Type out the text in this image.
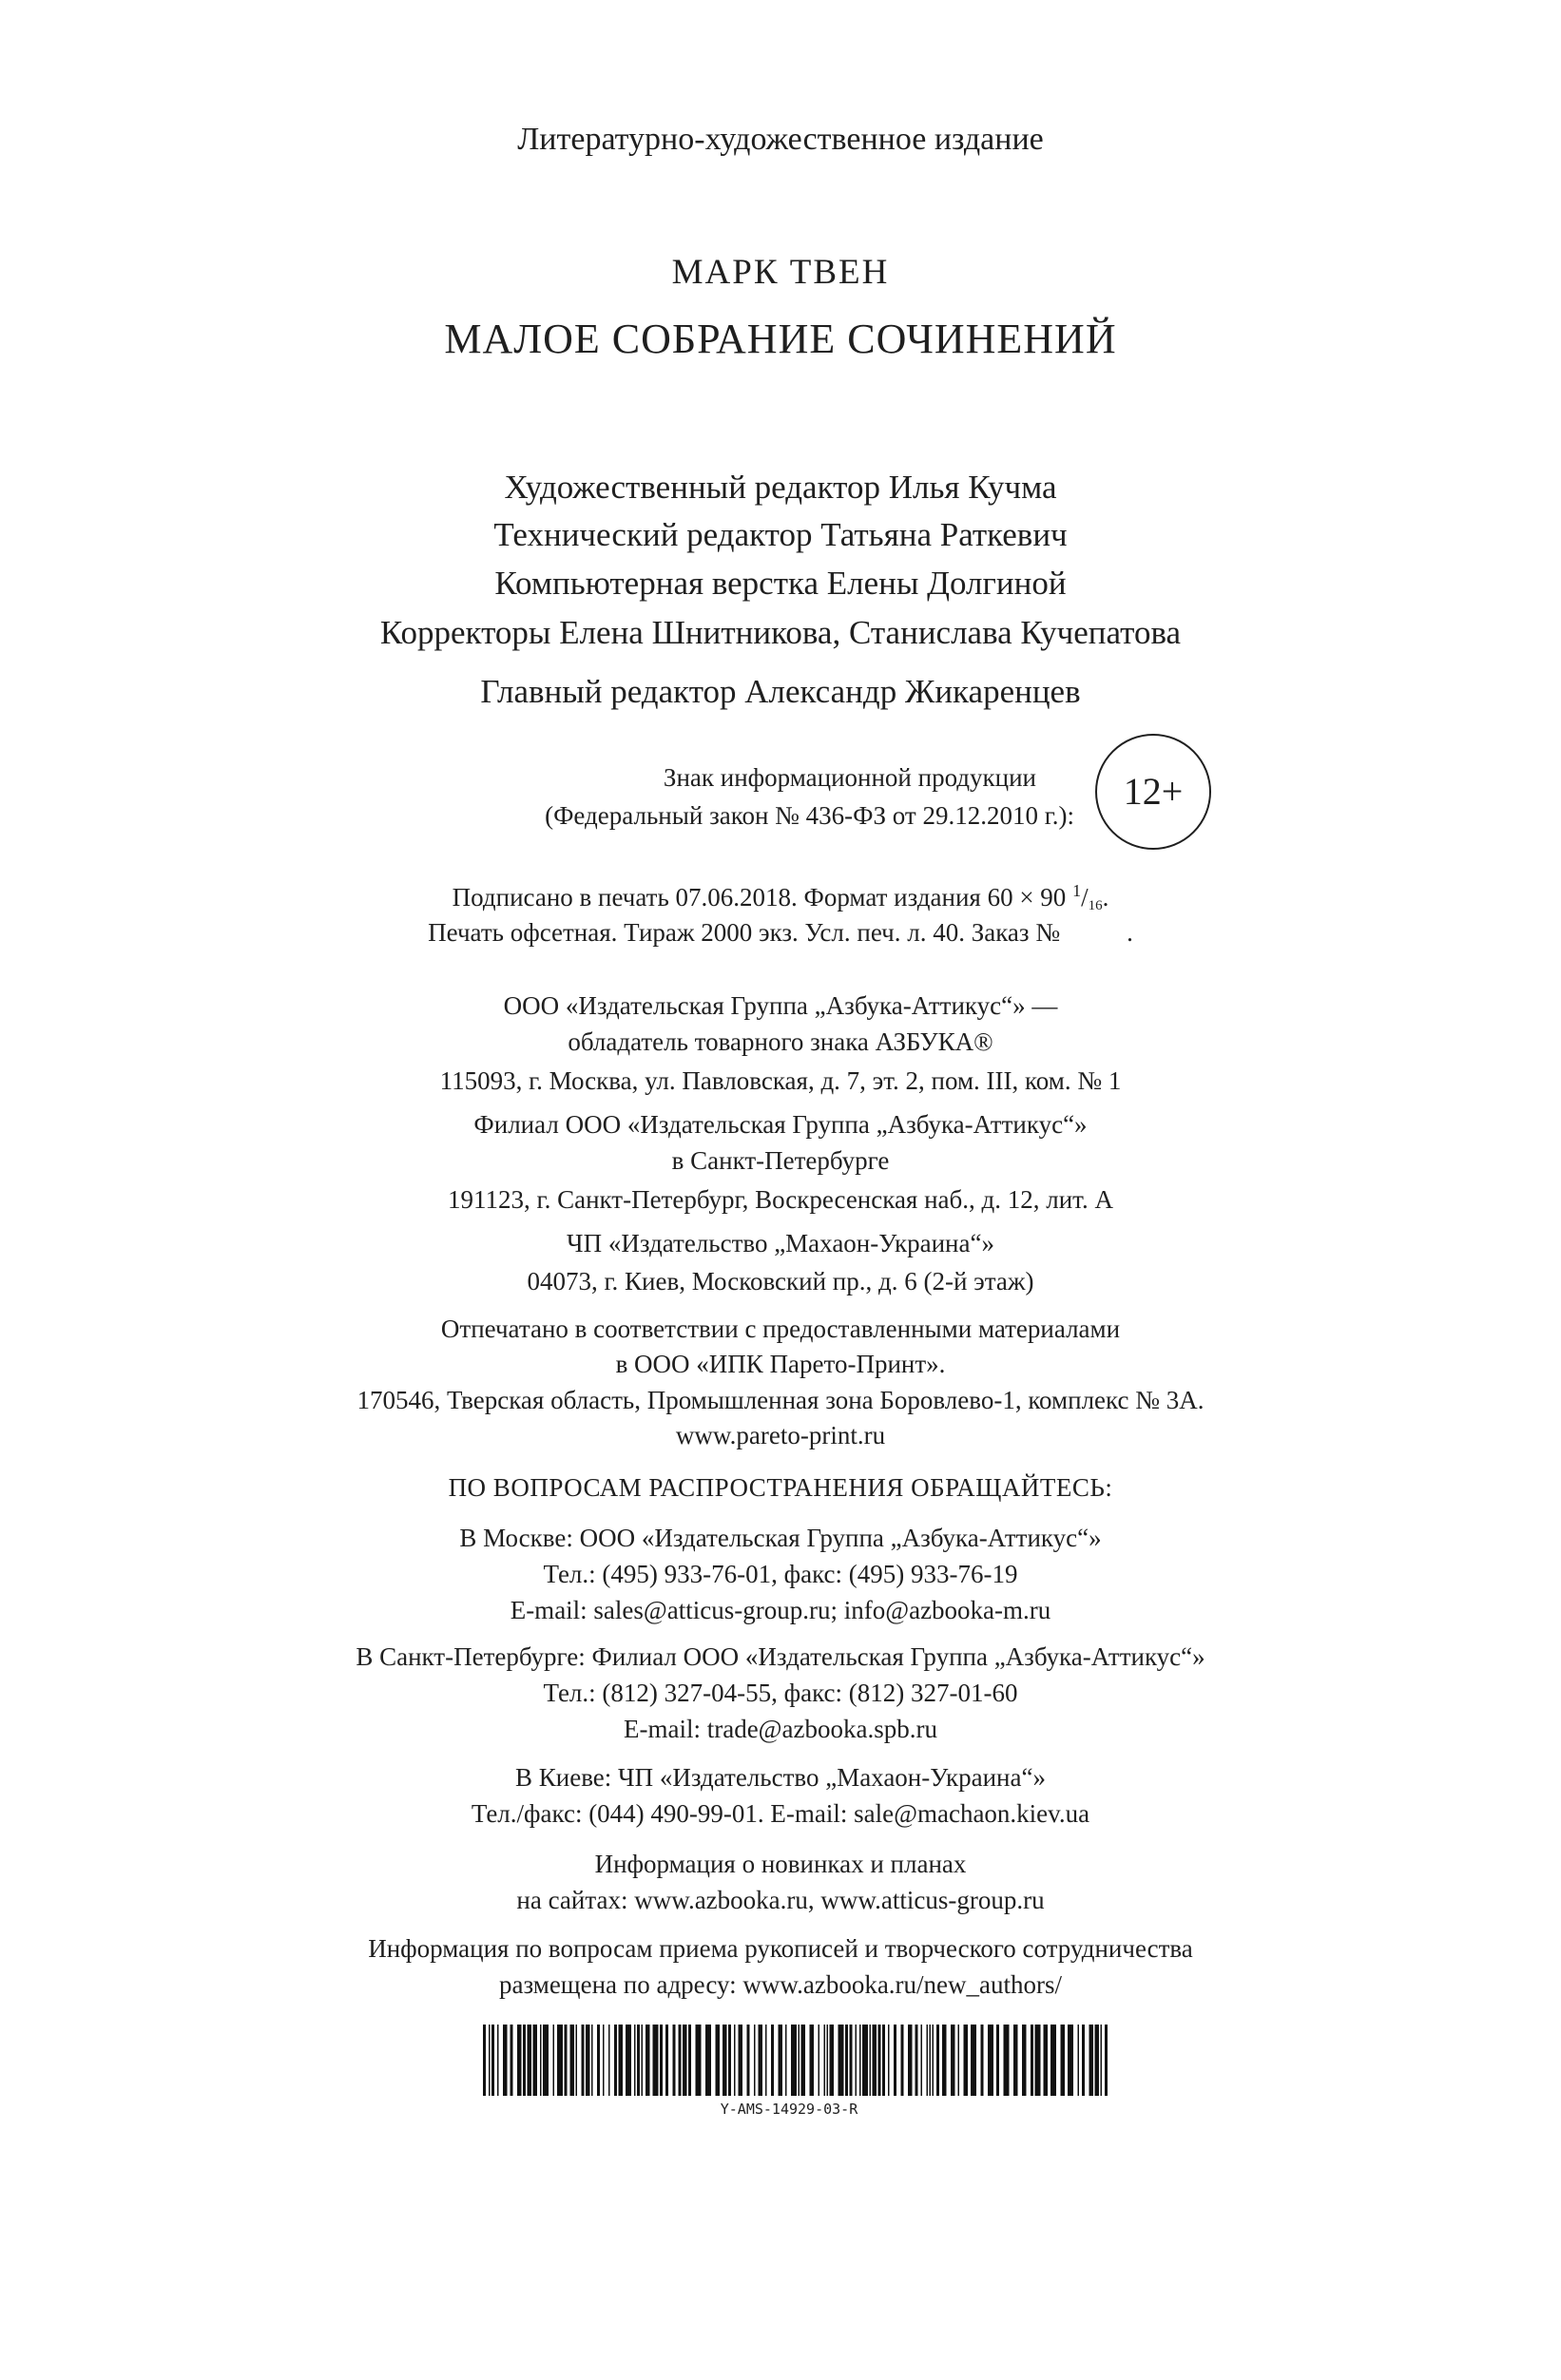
Литературно-художественное издание
МАРК ТВЕН
МАЛОЕ СОБРАНИЕ СОЧИНЕНИЙ
Художественный редактор Илья Кучма
Технический редактор Татьяна Раткевич
Компьютерная верстка Елены Долгиной
Корректоры Елена Шнитникова, Станислава Кучепатова
Главный редактор Александр Жикаренцев
Знак информационной продукции
(Федеральный закон № 436-ФЗ от 29.12.2010 г.):
12+
Подписано в печать 07.06.2018. Формат издания 60 × 90 $^1/_{16}$.
Печать офсетная. Тираж 2000 экз. Усл. печ. л. 40. Заказ №	.
ООО «Издательская Группа „Азбука-Аттикус“» —
обладатель товарного знака АЗБУКА®
115093, г. Москва, ул. Павловская, д. 7, эт. 2, пом. III, ком. № 1
Филиал ООО «Издательская Группа „Азбука-Аттикус“»
в Санкт-Петербурге
191123, г. Санкт-Петербург, Воскресенская наб., д. 12, лит. А
ЧП «Издательство „Махаон-Украина“»
04073, г. Киев, Московский пр., д. 6 (2-й этаж)
Отпечатано в соответствии с предоставленными материалами
в ООО «ИПК Парето-Принт».
170546, Тверская область, Промышленная зона Боровлево-1, комплекс № 3А.
www.pareto-print.ru
ПО ВОПРОСАМ РАСПРОСТРАНЕНИЯ ОБРАЩАЙТЕСЬ:
В Москве: ООО «Издательская Группа „Азбука-Аттикус“»
Тел.: (495) 933-76-01, факс: (495) 933-76-19
E-mail: sales@atticus-group.ru; info@azbooka-m.ru
В Санкт-Петербурге: Филиал ООО «Издательская Группа „Азбука-Аттикус“»
Тел.: (812) 327-04-55, факс: (812) 327-01-60
E-mail: trade@azbooka.spb.ru
В Киеве: ЧП «Издательство „Махаон-Украина“»
Тел./факс: (044) 490-99-01. E-mail: sale@machaon.kiev.ua
Информация о новинках и планах
на сайтах: www.azbooka.ru, www.atticus-group.ru
Информация по вопросам приема рукописей и творческого сотрудничества
размещена по адресу: www.azbooka.ru/new_authors/
Y-AMS-14929-03-R
